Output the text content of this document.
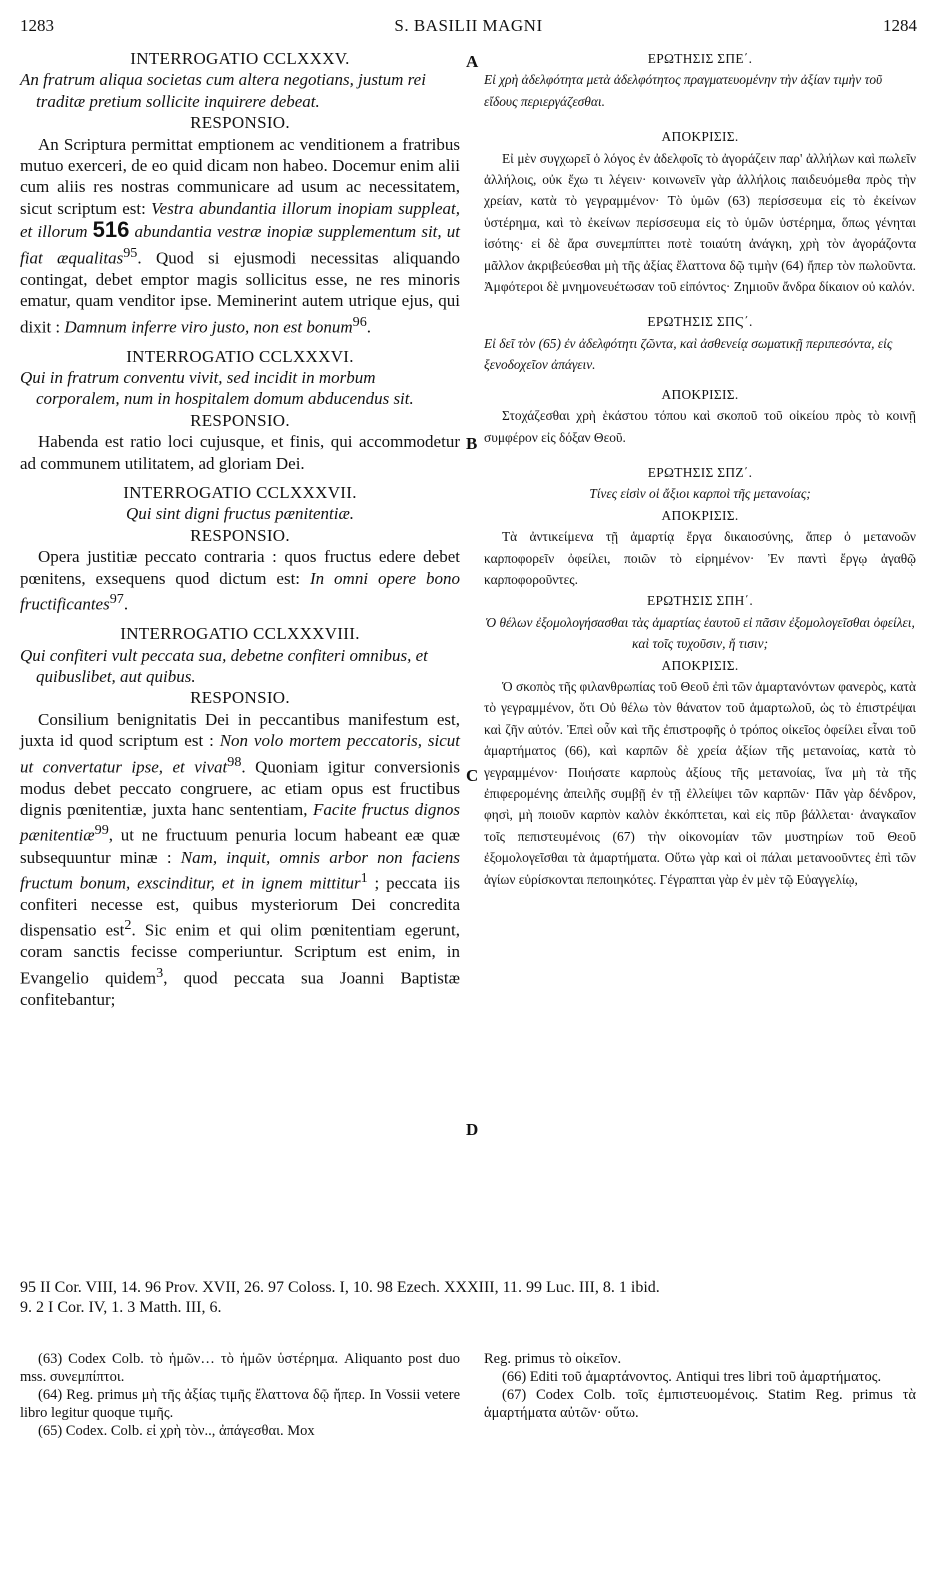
1283	S. BASILII MAGNI	1284
A
B
C
D

INTERROGATIO CCLXXXV.

An fratrum aliqua societas cum altera negotians, justum rei traditæ pretium sollicite inquirere debeat.

RESPONSIO.

An Scriptura permittat emptionem ac venditionem a fratribus mutuo exerceri, de eo quid dicam non habeo. Docemur enim alii cum aliis res nostras communicare ad usum ac necessitatem, sicut scriptum est: Vestra abundantia illorum inopiam suppleat, et illorum 516 abundantia vestræ inopiæ supplementum sit, ut fiat æqualitas$^{95}$. Quod si ejusmodi necessitas aliquando contingat, debet emptor magis sollicitus esse, ne res minoris ematur, quam venditor ipse. Meminerint autem utrique ejus, qui dixit : Damnum inferre viro justo, non est bonum$^{96}$.

INTERROGATIO CCLXXXVI.

Qui in fratrum conventu vivit, sed incidit in morbum corporalem, num in hospitalem domum abducendus sit.

RESPONSIO.

Habenda est ratio loci cujusque, et finis, qui accommodetur ad communem utilitatem, ad gloriam Dei.

INTERROGATIO CCLXXXVII.

Qui sint digni fructus pænitentiæ.

RESPONSIO.

Opera justitiæ peccato contraria : quos fructus edere debet pœnitens, exsequens quod dictum est: In omni opere bono fructificantes$^{97}$.

INTERROGATIO CCLXXXVIII.

Qui confiteri vult peccata sua, debetne confiteri omnibus, et quibuslibet, aut quibus.

RESPONSIO.

Consilium benignitatis Dei in peccantibus manifestum est, juxta id quod scriptum est : Non volo mortem peccatoris, sicut ut convertatur ipse, et vivat$^{98}$. Quoniam igitur conversionis modus debet peccato congruere, ac etiam opus est fructibus dignis pœnitentiæ, juxta hanc sententiam, Facite fructus dignos pænitentiæ$^{99}$, ut ne fructuum penuria locum habeant eæ quæ subsequuntur minæ : Nam, inquit, omnis arbor non faciens fructum bonum, exscinditur, et in ignem mittitur$^1$ ; peccata iis confiteri necesse est, quibus mysteriorum Dei concredita dispensatio est$^2$. Sic enim et qui olim pœnitentiam egerunt, coram sanctis fecisse comperiuntur. Scriptum est enim, in Evangelio quidem$^3$, quod peccata sua Joanni Baptistæ confitebantur;

ΕΡΩΤΗΣΙΣ ΣΠΕ΄.

Εἰ χρὴ ἀδελφότητα μετὰ ἀδελφότητος πραγματευομένην τὴν ἀξίαν τιμὴν τοῦ εἴδους περιεργάζεσθαι.

ΑΠΟΚΡΙΣΙΣ.

Εἰ μὲν συγχωρεῖ ὁ λόγος ἐν ἀδελφοῖς τὸ ἀγοράζειν παρ' ἀλλήλων καὶ πωλεῖν ἀλλήλοις, οὐκ ἔχω τι λέγειν· κοινωνεῖν γὰρ ἀλλήλοις παιδευόμεθα πρὸς τὴν χρείαν, κατὰ τὸ γεγραμμένον· Τὸ ὑμῶν (63) περίσσευμα εἰς τὸ ἐκείνων ὑστέρημα, καὶ τὸ ἐκείνων περίσσευμα εἰς τὸ ὑμῶν ὑστέρημα, ὅπως γένηται ἰσότης· εἰ δὲ ἄρα συνεμπίπτει ποτὲ τοιαύτη ἀνάγκη, χρὴ τὸν ἀγοράζοντα μᾶλλον ἀκριβεύεσθαι μὴ τῆς ἀξίας ἔλαττονα δῷ τιμὴν (64) ἤπερ τὸν πωλοῦντα. Ἀμφότεροι δὲ μνημονευέτωσαν τοῦ εἰπόντος· Ζημιοῦν ἄνδρα δίκαιον οὐ καλόν.

ΕΡΩΤΗΣΙΣ ΣΠϚ΄.

Εἰ δεῖ τὸν (65) ἐν ἀδελφότητι ζῶντα, καὶ ἀσθενείᾳ σωματικῇ περιπεσόντα, εἰς ξενοδοχεῖον ἀπάγειν.

ΑΠΟΚΡΙΣΙΣ.

Στοχάζεσθαι χρὴ ἑκάστου τόπου καὶ σκοποῦ τοῦ οἰκείου πρὸς τὸ κοινῇ συμφέρον εἰς δόξαν Θεοῦ.

ΕΡΩΤΗΣΙΣ ΣΠΖ΄.

Τίνες εἰσὶν οἱ ἄξιοι καρποὶ τῆς μετανοίας;

ΑΠΟΚΡΙΣΙΣ.

Τὰ ἀντικείμενα τῇ ἁμαρτίᾳ ἔργα δικαιοσύνης, ἅπερ ὁ μετανοῶν καρποφορεῖν ὀφείλει, ποιῶν τὸ εἰρημένον· Ἐν παντὶ ἔργῳ ἀγαθῷ καρποφοροῦντες.

ΕΡΩΤΗΣΙΣ ΣΠΗ΄.

Ὁ θέλων ἐξομολογήσασθαι τὰς ἁμαρτίας ἑαυτοῦ εἰ πᾶσιν ἐξομολογεῖσθαι ὀφείλει, καὶ τοῖς τυχοῦσιν, ἤ τισιν;

ΑΠΟΚΡΙΣΙΣ.

Ὁ σκοπὸς τῆς φιλανθρωπίας τοῦ Θεοῦ ἐπὶ τῶν ἁμαρτανόντων φανερὸς, κατὰ τὸ γεγραμμένον, ὅτι Οὐ θέλω τὸν θάνατον τοῦ ἁμαρτωλοῦ, ὡς τὸ ἐπιστρέψαι καὶ ζῆν αὐτόν. Ἐπεὶ οὖν καὶ τῆς ἐπιστροφῆς ὁ τρόπος οἰκεῖος ὀφείλει εἶναι τοῦ ἁμαρτήματος (66), καὶ καρπῶν δὲ χρεία ἀξίων τῆς μετανοίας, κατὰ τὸ γεγραμμένον· Ποιήσατε καρποὺς ἀξίους τῆς μετανοίας, ἵνα μὴ τὰ τῆς ἐπιφερομένης ἀπειλῆς συμβῇ ἐν τῇ ἐλλείψει τῶν καρπῶν· Πᾶν γὰρ δένδρον, φησὶ, μὴ ποιοῦν καρπὸν καλὸν ἐκκόπτεται, καὶ εἰς πῦρ βάλλεται· ἀναγκαῖον τοῖς πεπιστευμένοις (67) τὴν οἰκονομίαν τῶν μυστηρίων τοῦ Θεοῦ ἐξομολογεῖσθαι τὰ ἁμαρτήματα. Οὕτω γὰρ καὶ οἱ πάλαι μετανοοῦντες ἐπὶ τῶν ἁγίων εὑρίσκονται πεποιηκότες. Γέγραπται γὰρ ἐν μὲν τῷ Εὐαγγελίῳ,

95 II Cor. VIII, 14. 96 Prov. XVII, 26. 97 Coloss. I, 10. 98 Ezech. XXXIII, 11. 99 Luc. III, 8. 1 ibid.
9. 2 I Cor. IV, 1. 3 Matth. III, 6.

(63) Codex Colb. τὸ ἡμῶν… τὸ ἡμῶν ὑστέρημα. Aliquanto post duo mss. συνεμπίπτοι.

(64) Reg. primus μὴ τῆς ἀξίας τιμῆς ἔλαττονα δῷ ἤπερ. In Vossii vetere libro legitur quoque τιμῆς.

(65) Codex. Colb. εἰ χρὴ τὸν.., ἀπάγεσθαι. Mox

Reg. primus τὸ οἰκεῖον.

(66) Editi τοῦ ἁμαρτάνοντος. Antiqui tres libri τοῦ ἁμαρτήματος.

(67) Codex Colb. τοῖς ἐμπιστευομένοις. Statim Reg. primus τὰ ἁμαρτήματα αὐτῶν· οὕτω.
